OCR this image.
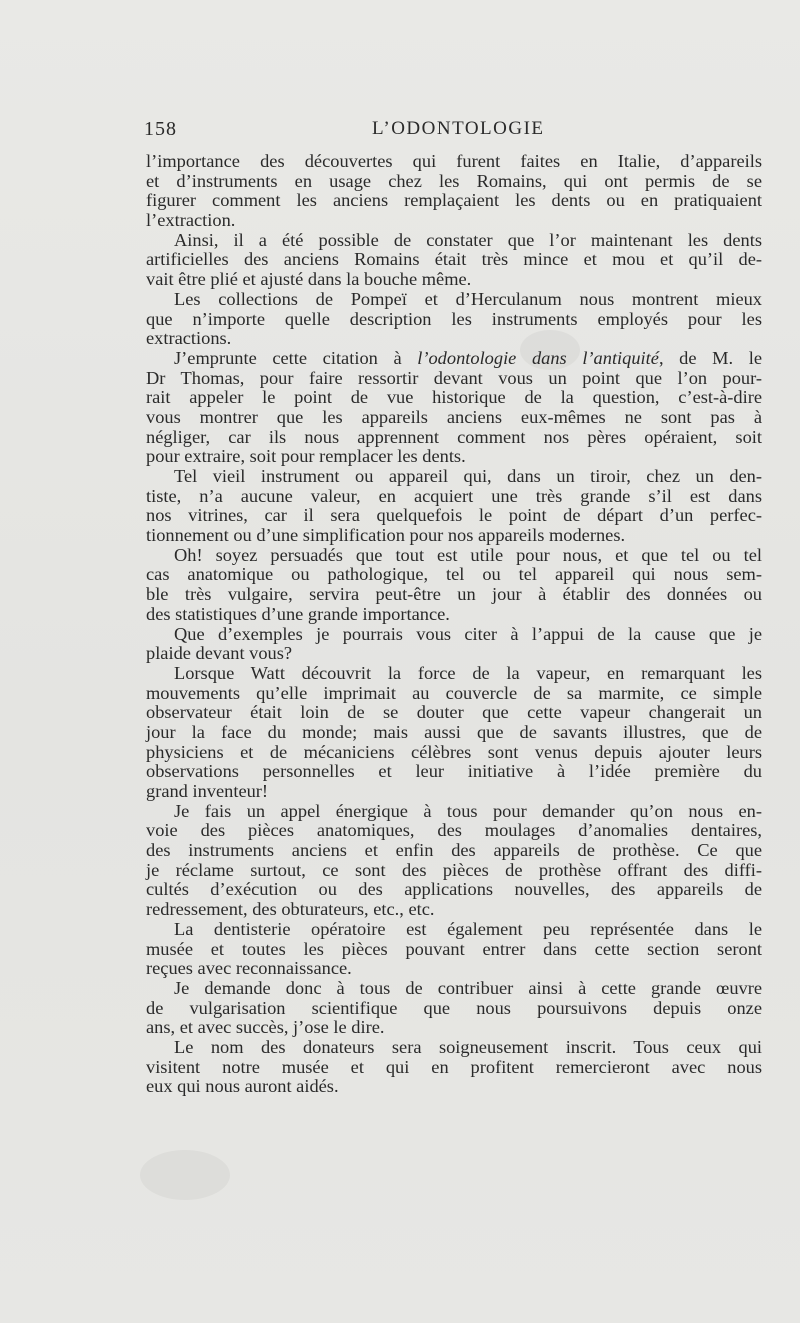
158	L’ODONTOLOGIE
l’importance des découvertes qui furent faites en Italie, d’appareils
et d’instruments en usage chez les Romains, qui ont permis de se
figurer comment les anciens remplaçaient les dents ou en pratiquaient
l’extraction.
Ainsi, il a été possible de constater que l’or maintenant les dents
artificielles des anciens Romains était très mince et mou et qu’il de-
vait être plié et ajusté dans la bouche même.
Les collections de Pompeï et d’Herculanum nous montrent mieux
que n’importe quelle description les instruments employés pour les
extractions.
J’emprunte cette citation à l’odontologie dans l’antiquité, de M. le
Dr Thomas, pour faire ressortir devant vous un point que l’on pour-
rait appeler le point de vue historique de la question, c’est-à-dire
vous montrer que les appareils anciens eux-mêmes ne sont pas à
négliger, car ils nous apprennent comment nos pères opéraient, soit
pour extraire, soit pour remplacer les dents.
Tel vieil instrument ou appareil qui, dans un tiroir, chez un den-
tiste, n’a aucune valeur, en acquiert une très grande s’il est dans
nos vitrines, car il sera quelquefois le point de départ d’un perfec-
tionnement ou d’une simplification pour nos appareils modernes.
Oh! soyez persuadés que tout est utile pour nous, et que tel ou tel
cas anatomique ou pathologique, tel ou tel appareil qui nous sem-
ble très vulgaire, servira peut-être un jour à établir des données ou
des statistiques d’une grande importance.
Que d’exemples je pourrais vous citer à l’appui de la cause que je
plaide devant vous?
Lorsque Watt découvrit la force de la vapeur, en remarquant les
mouvements qu’elle imprimait au couvercle de sa marmite, ce simple
observateur était loin de se douter que cette vapeur changerait un
jour la face du monde; mais aussi que de savants illustres, que de
physiciens et de mécaniciens célèbres sont venus depuis ajouter leurs
observations personnelles et leur initiative à l’idée première du
grand inventeur!
Je fais un appel énergique à tous pour demander qu’on nous en-
voie des pièces anatomiques, des moulages d’anomalies dentaires,
des instruments anciens et enfin des appareils de prothèse. Ce que
je réclame surtout, ce sont des pièces de prothèse offrant des diffi-
cultés d’exécution ou des applications nouvelles, des appareils de
redressement, des obturateurs, etc., etc.
La dentisterie opératoire est également peu représentée dans le
musée et toutes les pièces pouvant entrer dans cette section seront
reçues avec reconnaissance.
Je demande donc à tous de contribuer ainsi à cette grande œuvre
de vulgarisation scientifique que nous poursuivons depuis onze
ans, et avec succès, j’ose le dire.
Le nom des donateurs sera soigneusement inscrit. Tous ceux qui
visitent notre musée et qui en profitent remercieront avec nous
eux qui nous auront aidés.
